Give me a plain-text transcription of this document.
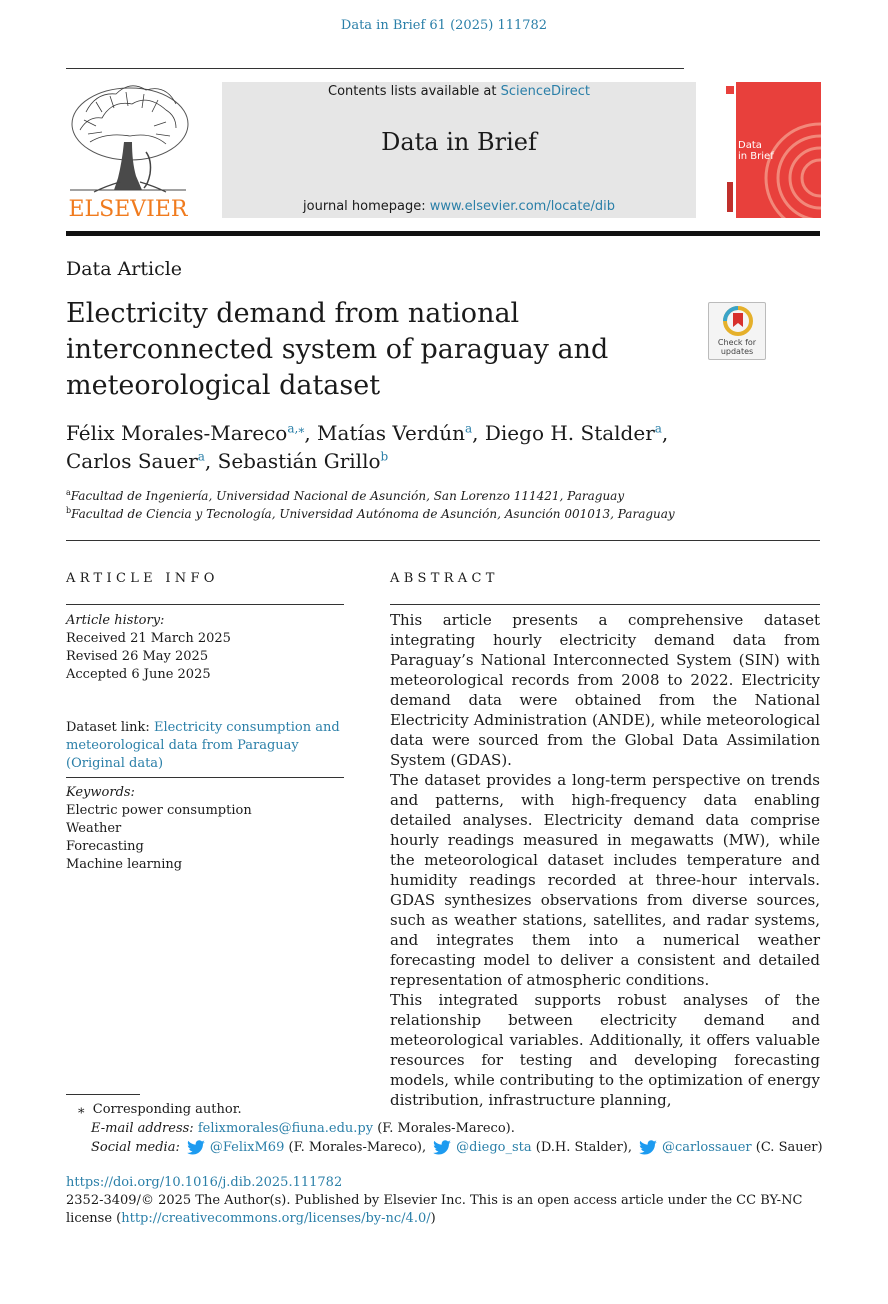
Data in Brief 61 (2025) 111782
ELSEVIER
Contents lists available at ScienceDirect
Data in Brief
journal homepage: www.elsevier.com/locate/dib
Data
in Brief
Data Article
Electricity demand from national interconnected system of paraguay and meteorological dataset
Check for
updates
Félix Morales-Mareco$^{a,⁎}$, Matías Verdún$^a$, Diego H. Stalder$^a$,
Carlos Sauer$^a$, Sebastián Grillo$^b$
$^a$Facultad de Ingeniería, Universidad Nacional de Asunción, San Lorenzo 111421, Paraguay
$^b$Facultad de Ciencia y Tecnología, Universidad Autónoma de Asunción, Asunción 001013, Paraguay
ARTICLE INFO	ABSTRACT
Article history:
Received 21 March 2025
Revised 26 May 2025
Accepted 6 June 2025
Dataset link: Electricity consumption and meteorological data from Paraguay (Original data)
Keywords:
Electric power consumption
Weather
Forecasting
Machine learning

This article presents a comprehensive dataset integrating hourly electricity demand data from Paraguay’s National Interconnected System (SIN) with meteorological records from 2008 to 2022. Electricity demand data were obtained from the National Electricity Administration (ANDE), while meteorological data were sourced from the Global Data Assimilation System (GDAS).

The dataset provides a long-term perspective on trends and patterns, with high-frequency data enabling detailed analyses. Electricity demand data comprise hourly readings measured in megawatts (MW), while the meteorological dataset includes temperature and humidity readings recorded at three-hour intervals. GDAS synthesizes observations from diverse sources, such as weather stations, satellites, and radar systems, and integrates them into a numerical weather forecasting model to deliver a consistent and detailed representation of atmospheric conditions.

This integrated supports robust analyses of the relationship between electricity demand and meteorological variables. Additionally, it offers valuable resources for testing and developing forecasting models, while contributing to the optimization of energy distribution, infrastructure planning,

⁎ Corresponding author.
E-mail address: felixmorales@fiuna.edu.py (F. Morales-Mareco).
Social media: @FelixM69
(F. Morales-Mareco), @diego_sta
(D.H. Stalder), @carlossauer
(C. Sauer)
https://doi.org/10.1016/j.dib.2025.111782
2352-3409/© 2025 The Author(s). Published by Elsevier Inc. This is an open access article under the CC BY-NC license (http://creativecommons.org/licenses/by-nc/4.0/)
